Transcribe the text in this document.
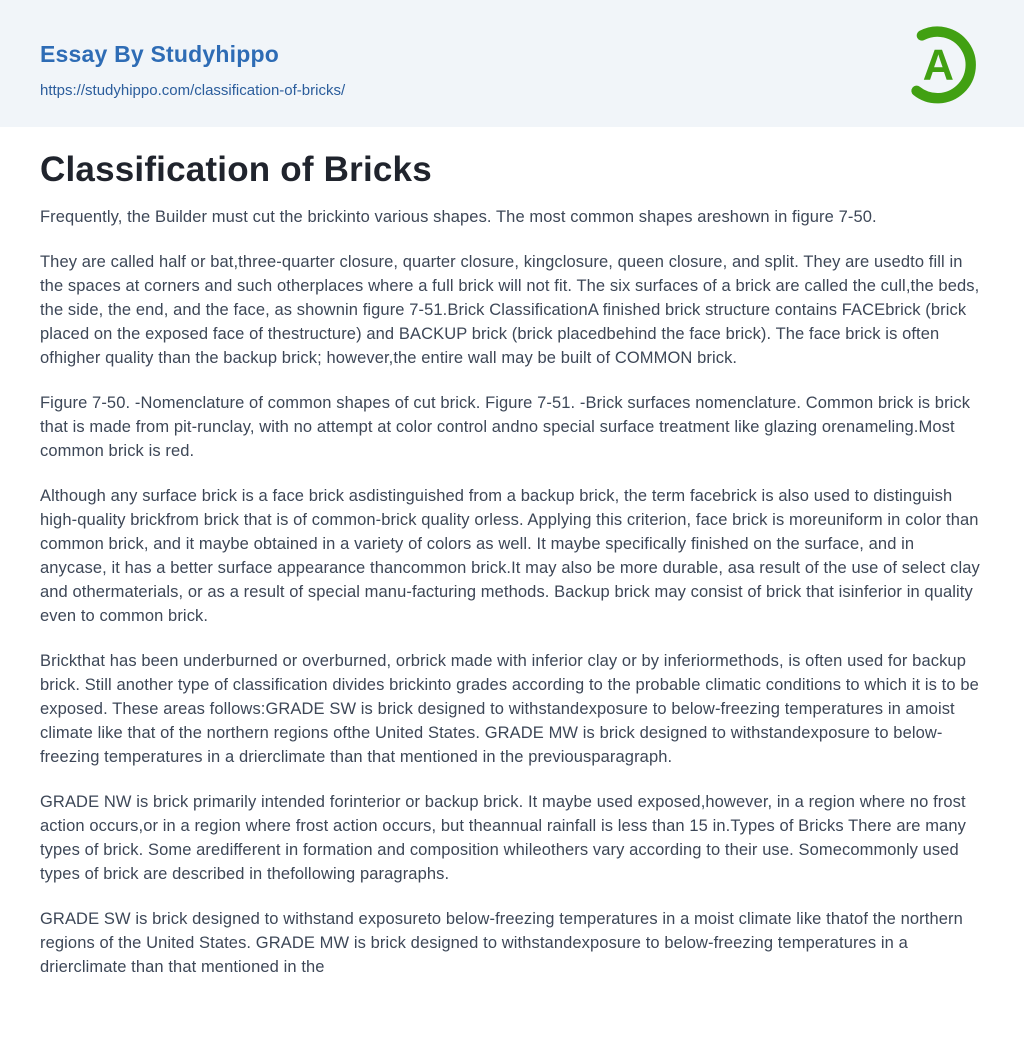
Essay By Studyhippo
https://studyhippo.com/classification-of-bricks/
A
Classification of Bricks

Frequently, the Builder must cut the brickinto various shapes. The most common shapes areshown in figure 7-50.

They are called half or bat,three-quarter closure, quarter closure, kingclosure, queen closure, and split. They are usedto fill in the spaces at corners and such otherplaces where a full brick will not fit. The six surfaces of a brick are called the cull,the beds, the side, the end, and the face, as shownin figure 7-51.Brick ClassificationA finished brick structure contains FACEbrick (brick placed on the exposed face of thestructure) and BACKUP brick (brick placedbehind the face brick). The face brick is often ofhigher quality than the backup brick; however,the entire wall may be built of COMMON brick.

Figure 7-50. -Nomenclature of common shapes of cut brick. Figure 7-51. -Brick surfaces nomenclature. Common brick is brick that is made from pit-runclay, with no attempt at color control andno special surface treatment like glazing orenameling.Most common brick is red.

Although any surface brick is a face brick asdistinguished from a backup brick, the term facebrick is also used to distinguish high-quality brickfrom brick that is of common-brick quality orless. Applying this criterion, face brick is moreuniform in color than common brick, and it maybe obtained in a variety of colors as well. It maybe specifically finished on the surface, and in anycase, it has a better surface appearance thancommon brick.It may also be more durable, asa result of the use of select clay and othermaterials, or as a result of special manu-facturing methods. Backup brick may consist of brick that isinferior in quality even to common brick.

Brickthat has been underburned or overburned, orbrick made with inferior clay or by inferiormethods, is often used for backup brick. Still another type of classification divides brickinto grades according to the probable climatic conditions to which it is to be exposed. These areas follows:GRADE SW is brick designed to withstandexposure to below-freezing temperatures in amoist climate like that of the northern regions ofthe United States. GRADE MW is brick designed to withstandexposure to below-freezing temperatures in a drierclimate than that mentioned in the previousparagraph.

GRADE NW is brick primarily intended forinterior or backup brick. It maybe used exposed,however, in a region where no frost action occurs,or in a region where frost action occurs, but theannual rainfall is less than 15 in.Types of Bricks There are many types of brick. Some aredifferent in formation and composition whileothers vary according to their use. Somecommonly used types of brick are described in thefollowing paragraphs.

GRADE SW is brick designed to withstand exposureto below-freezing temperatures in a moist climate like thatof the northern regions of the United States. GRADE MW is brick designed to withstandexposure to below-freezing temperatures in a drierclimate than that mentioned in the
